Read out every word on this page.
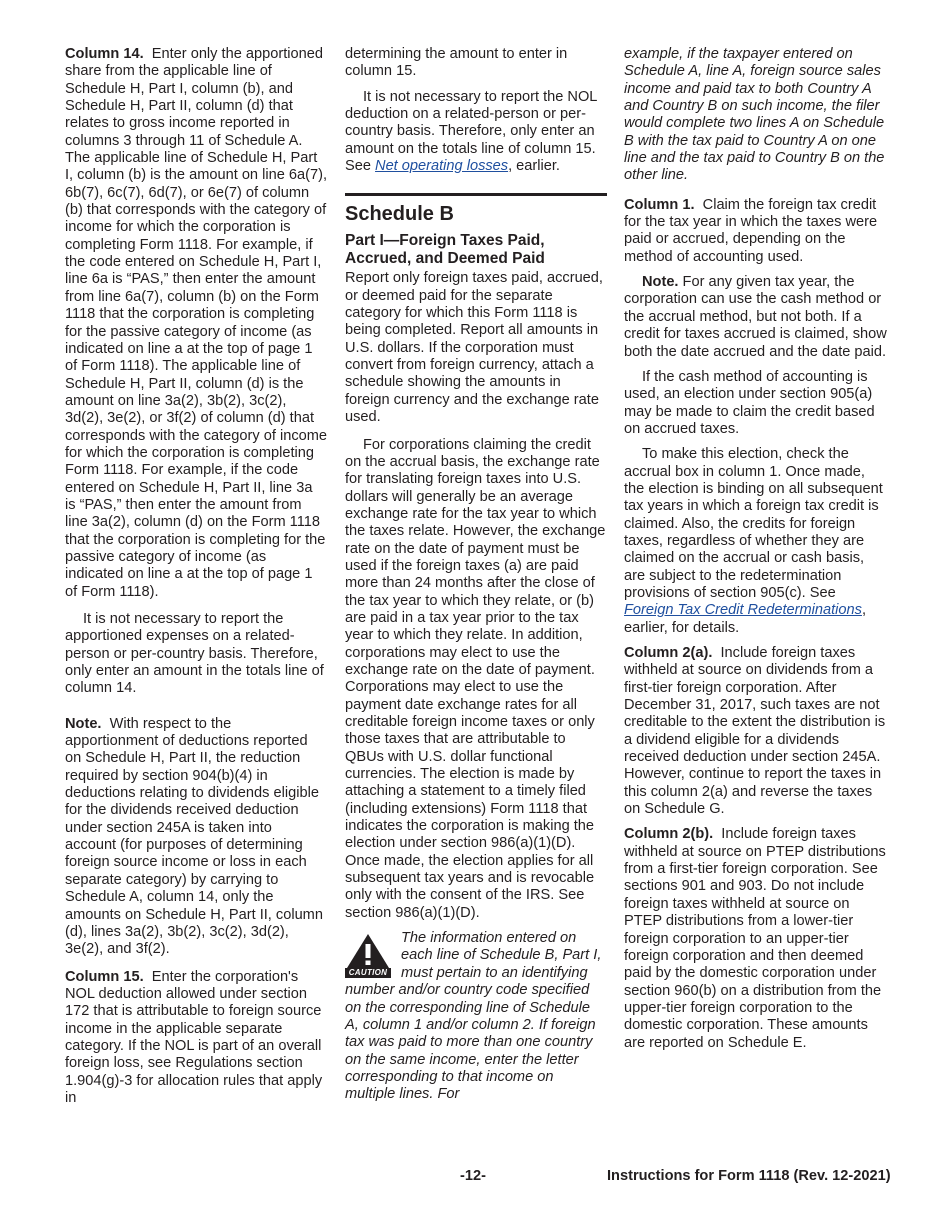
Column 14. Enter only the apportioned share from the applicable line of Schedule H, Part I, column (b), and Schedule H, Part II, column (d) that relates to gross income reported in columns 3 through 11 of Schedule A. The applicable line of Schedule H, Part I, column (b) is the amount on line 6a(7), 6b(7), 6c(7), 6d(7), or 6e(7) of column (b) that corresponds with the category of income for which the corporation is completing Form 1118. For example, if the code entered on Schedule H, Part I, line 6a is “PAS,” then enter the amount from line 6a(7), column (b) on the Form 1118 that the corporation is completing for the passive category of income (as indicated on line a at the top of page 1 of Form 1118). The applicable line of Schedule H, Part II, column (d) is the amount on line 3a(2), 3b(2), 3c(2), 3d(2), 3e(2), or 3f(2) of column (d) that corresponds with the category of income for which the corporation is completing Form 1118. For example, if the code entered on Schedule H, Part II, line 3a is “PAS,” then enter the amount from line 3a(2), column (d) on the Form 1118 that the corporation is completing for the passive category of income (as indicated on line a at the top of page 1 of Form 1118).

It is not necessary to report the apportioned expenses on a related-person or per-country basis. Therefore, only enter an amount in the totals line of column 14.

Note. With respect to the apportionment of deductions reported on Schedule H, Part II, the reduction required by section 904(b)(4) in deductions relating to dividends eligible for the dividends received deduction under section 245A is taken into account (for purposes of determining foreign source income or loss in each separate category) by carrying to Schedule A, column 14, only the amounts on Schedule H, Part II, column (d), lines 3a(2), 3b(2), 3c(2), 3d(2), 3e(2), and 3f(2).

Column 15. Enter the corporation's NOL deduction allowed under section 172 that is attributable to foreign source income in the applicable separate category. If the NOL is part of an overall foreign loss, see Regulations section 1.904(g)-3 for allocation rules that apply in

determining the amount to enter in column 15.

It is not necessary to report the NOL deduction on a related-person or per-country basis. Therefore, only enter an amount on the totals line of column 15. See Net operating losses, earlier.

Schedule B
Part I—Foreign Taxes Paid, Accrued, and Deemed Paid

Report only foreign taxes paid, accrued, or deemed paid for the separate category for which this Form 1118 is being completed. Report all amounts in U.S. dollars. If the corporation must convert from foreign currency, attach a schedule showing the amounts in foreign currency and the exchange rate used.

For corporations claiming the credit on the accrual basis, the exchange rate for translating foreign taxes into U.S. dollars will generally be an average exchange rate for the tax year to which the taxes relate. However, the exchange rate on the date of payment must be used if the foreign taxes (a) are paid more than 24 months after the close of the tax year to which they relate, or (b) are paid in a tax year prior to the tax year to which they relate. In addition, corporations may elect to use the exchange rate on the date of payment. Corporations may elect to use the payment date exchange rates for all creditable foreign income taxes or only those taxes that are attributable to QBUs with U.S. dollar functional currencies. The election is made by attaching a statement to a timely filed (including extensions) Form 1118 that indicates the corporation is making the election under section 986(a)(1)(D). Once made, the election applies for all subsequent tax years and is revocable only with the consent of the IRS. See section 986(a)(1)(D).

CAUTION
The information entered on each line of Schedule B, Part I, must pertain to an identifying number and/or country code specified on the corresponding line of Schedule A, column 1 and/or column 2. If foreign tax was paid to more than one country on the same income, enter the letter corresponding to that income on multiple lines. For

example, if the taxpayer entered on Schedule A, line A, foreign source sales income and paid tax to both Country A and Country B on such income, the filer would complete two lines A on Schedule B with the tax paid to Country A on one line and the tax paid to Country B on the other line.

Column 1. Claim the foreign tax credit for the tax year in which the taxes were paid or accrued, depending on the method of accounting used.

Note. For any given tax year, the corporation can use the cash method or the accrual method, but not both. If a credit for taxes accrued is claimed, show both the date accrued and the date paid.

If the cash method of accounting is used, an election under section 905(a) may be made to claim the credit based on accrued taxes.

To make this election, check the accrual box in column 1. Once made, the election is binding on all subsequent tax years in which a foreign tax credit is claimed. Also, the credits for foreign taxes, regardless of whether they are claimed on the accrual or cash basis, are subject to the redetermination provisions of section 905(c). See Foreign Tax Credit Redeterminations, earlier, for details.

Column 2(a). Include foreign taxes withheld at source on dividends from a first-tier foreign corporation. After December 31, 2017, such taxes are not creditable to the extent the distribution is a dividend eligible for a dividends received deduction under section 245A. However, continue to report the taxes in this column 2(a) and reverse the taxes on Schedule G.

Column 2(b). Include foreign taxes withheld at source on PTEP distributions from a first-tier foreign corporation. See sections 901 and 903. Do not include foreign taxes withheld at source on PTEP distributions from a lower-tier foreign corporation to an upper-tier foreign corporation and then deemed paid by the domestic corporation under section 960(b) on a distribution from the upper-tier foreign corporation to the domestic corporation. These amounts are reported on Schedule E.

-12-	Instructions for Form 1118 (Rev. 12-2021)
